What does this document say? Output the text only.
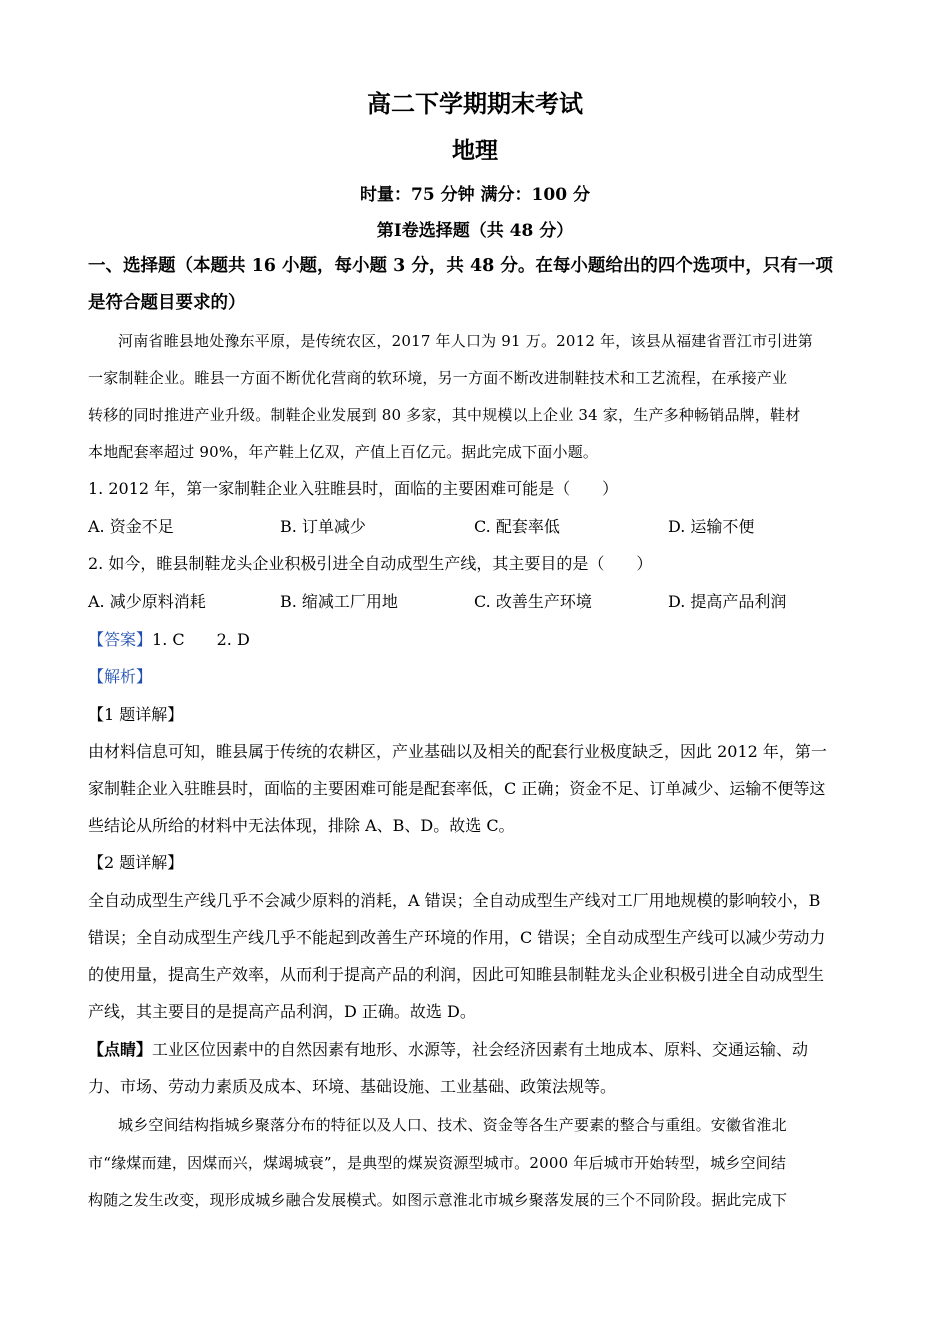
高二下学期期末考试
地理
时量：75 分钟 满分：100 分
第Ⅰ卷选择题（共 48 分）
一、选择题（本题共 16 小题，每小题 3 分，共 48 分。在每小题给出的四个选项中，只有一项
是符合题目要求的）
河南省睢县地处豫东平原，是传统农区，2017 年人口为 91 万。2012 年，该县从福建省晋江市引进第
一家制鞋企业。睢县一方面不断优化营商的软环境，另一方面不断改进制鞋技术和工艺流程，在承接产业
转移的同时推进产业升级。制鞋企业发展到 80 多家，其中规模以上企业 34 家，生产多种畅销品牌，鞋材
本地配套率超过 90%，年产鞋上亿双，产值上百亿元。据此完成下面小题。
1. 2012 年，第一家制鞋企业入驻睢县时，面临的主要困难可能是（　　）
A. 资金不足	B. 订单减少	C. 配套率低	D. 运输不便
2. 如今，睢县制鞋龙头企业积极引进全自动成型生产线，其主要目的是（　　）
A. 减少原料消耗	B. 缩减工厂用地	C. 改善生产环境	D. 提高产品利润
【答案】1. C　　2. D
【解析】
【1 题详解】
由材料信息可知，睢县属于传统的农耕区，产业基础以及相关的配套行业极度缺乏，因此 2012 年，第一
家制鞋企业入驻睢县时，面临的主要困难可能是配套率低，C 正确；资金不足、订单减少、运输不便等这
些结论从所给的材料中无法体现，排除 A、B、D。故选 C。
【2 题详解】
全自动成型生产线几乎不会减少原料的消耗，A 错误；全自动成型生产线对工厂用地规模的影响较小，B
错误；全自动成型生产线几乎不能起到改善生产环境的作用，C 错误；全自动成型生产线可以减少劳动力
的使用量，提高生产效率，从而利于提高产品的利润，因此可知睢县制鞋龙头企业积极引进全自动成型生
产线，其主要目的是提高产品利润，D 正确。故选 D。
【点睛】工业区位因素中的自然因素有地形、水源等，社会经济因素有土地成本、原料、交通运输、动
力、市场、劳动力素质及成本、环境、基础设施、工业基础、政策法规等。
城乡空间结构指城乡聚落分布的特征以及人口、技术、资金等各生产要素的整合与重组。安徽省淮北
市“缘煤而建，因煤而兴，煤竭城衰”，是典型的煤炭资源型城市。2000 年后城市开始转型，城乡空间结
构随之发生改变，现形成城乡融合发展模式。如图示意淮北市城乡聚落发展的三个不同阶段。据此完成下
